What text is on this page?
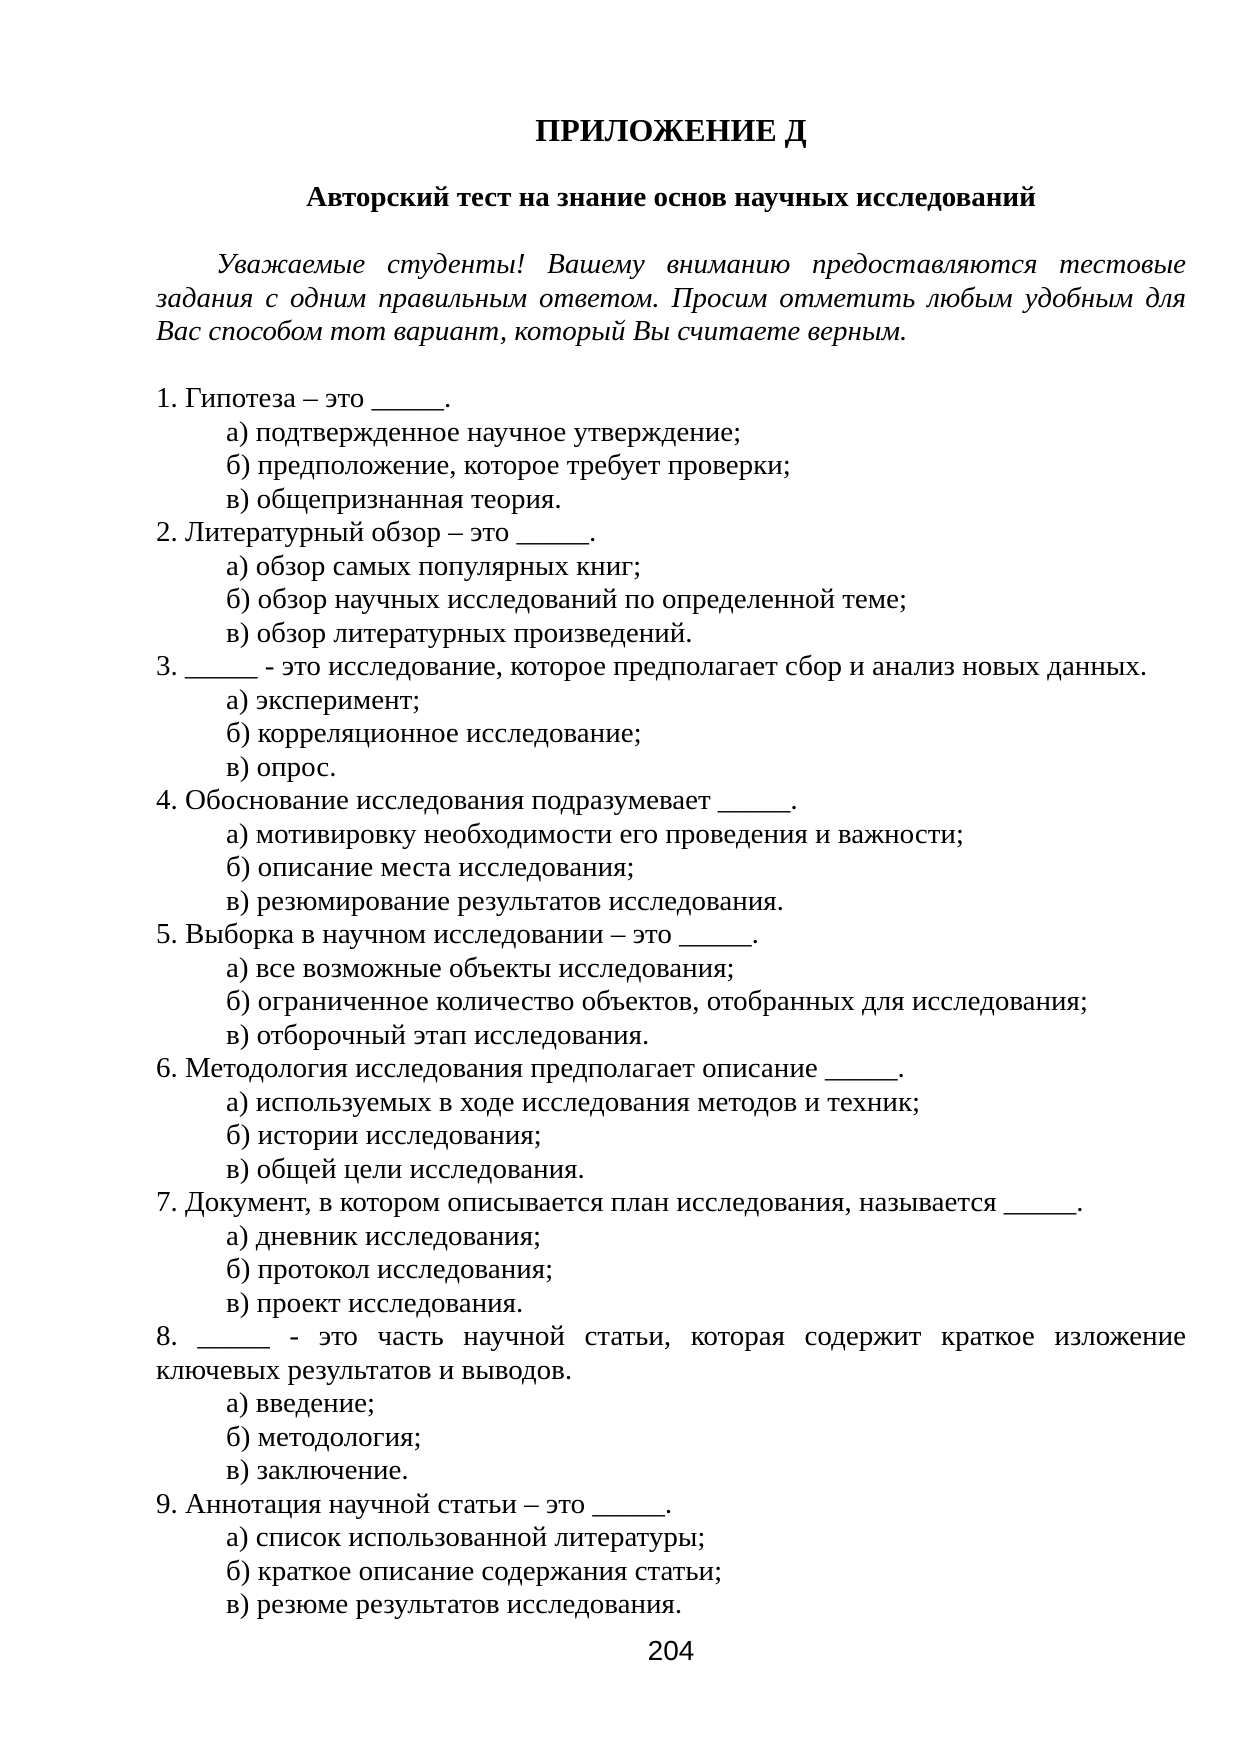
ПРИЛОЖЕНИЕ Д
Авторский тест на знание основ научных исследований
Уважаемые студенты! Вашему вниманию предоставляются тестовые
задания с одним правильным ответом. Просим отметить любым удобным для
Вас способом тот вариант, который Вы считаете верным.
1. Гипотеза – это _____.
а) подтвержденное научное утверждение;
б) предположение, которое требует проверки;
в) общепризнанная теория.
2. Литературный обзор – это _____.
а) обзор самых популярных книг;
б) обзор научных исследований по определенной теме;
в) обзор литературных произведений.
3. _____ - это исследование, которое предполагает сбор и анализ новых данных.
а) эксперимент;
б) корреляционное исследование;
в) опрос.
4. Обоснование исследования подразумевает _____.
а) мотивировку необходимости его проведения и важности;
б) описание места исследования;
в) резюмирование результатов исследования.
5. Выборка в научном исследовании – это _____.
а) все возможные объекты исследования;
б) ограниченное количество объектов, отобранных для исследования;
в) отборочный этап исследования.
6. Методология исследования предполагает описание _____.
а) используемых в ходе исследования методов и техник;
б) истории исследования;
в) общей цели исследования.
7. Документ, в котором описывается план исследования, называется _____.
а) дневник исследования;
б) протокол исследования;
в) проект исследования.
8. _____ - это часть научной статьи, которая содержит краткое изложение
ключевых результатов и выводов.
а) введение;
б) методология;
в) заключение.
9. Аннотация научной статьи – это _____.
а) список использованной литературы;
б) краткое описание содержания статьи;
в) резюме результатов исследования.
204
